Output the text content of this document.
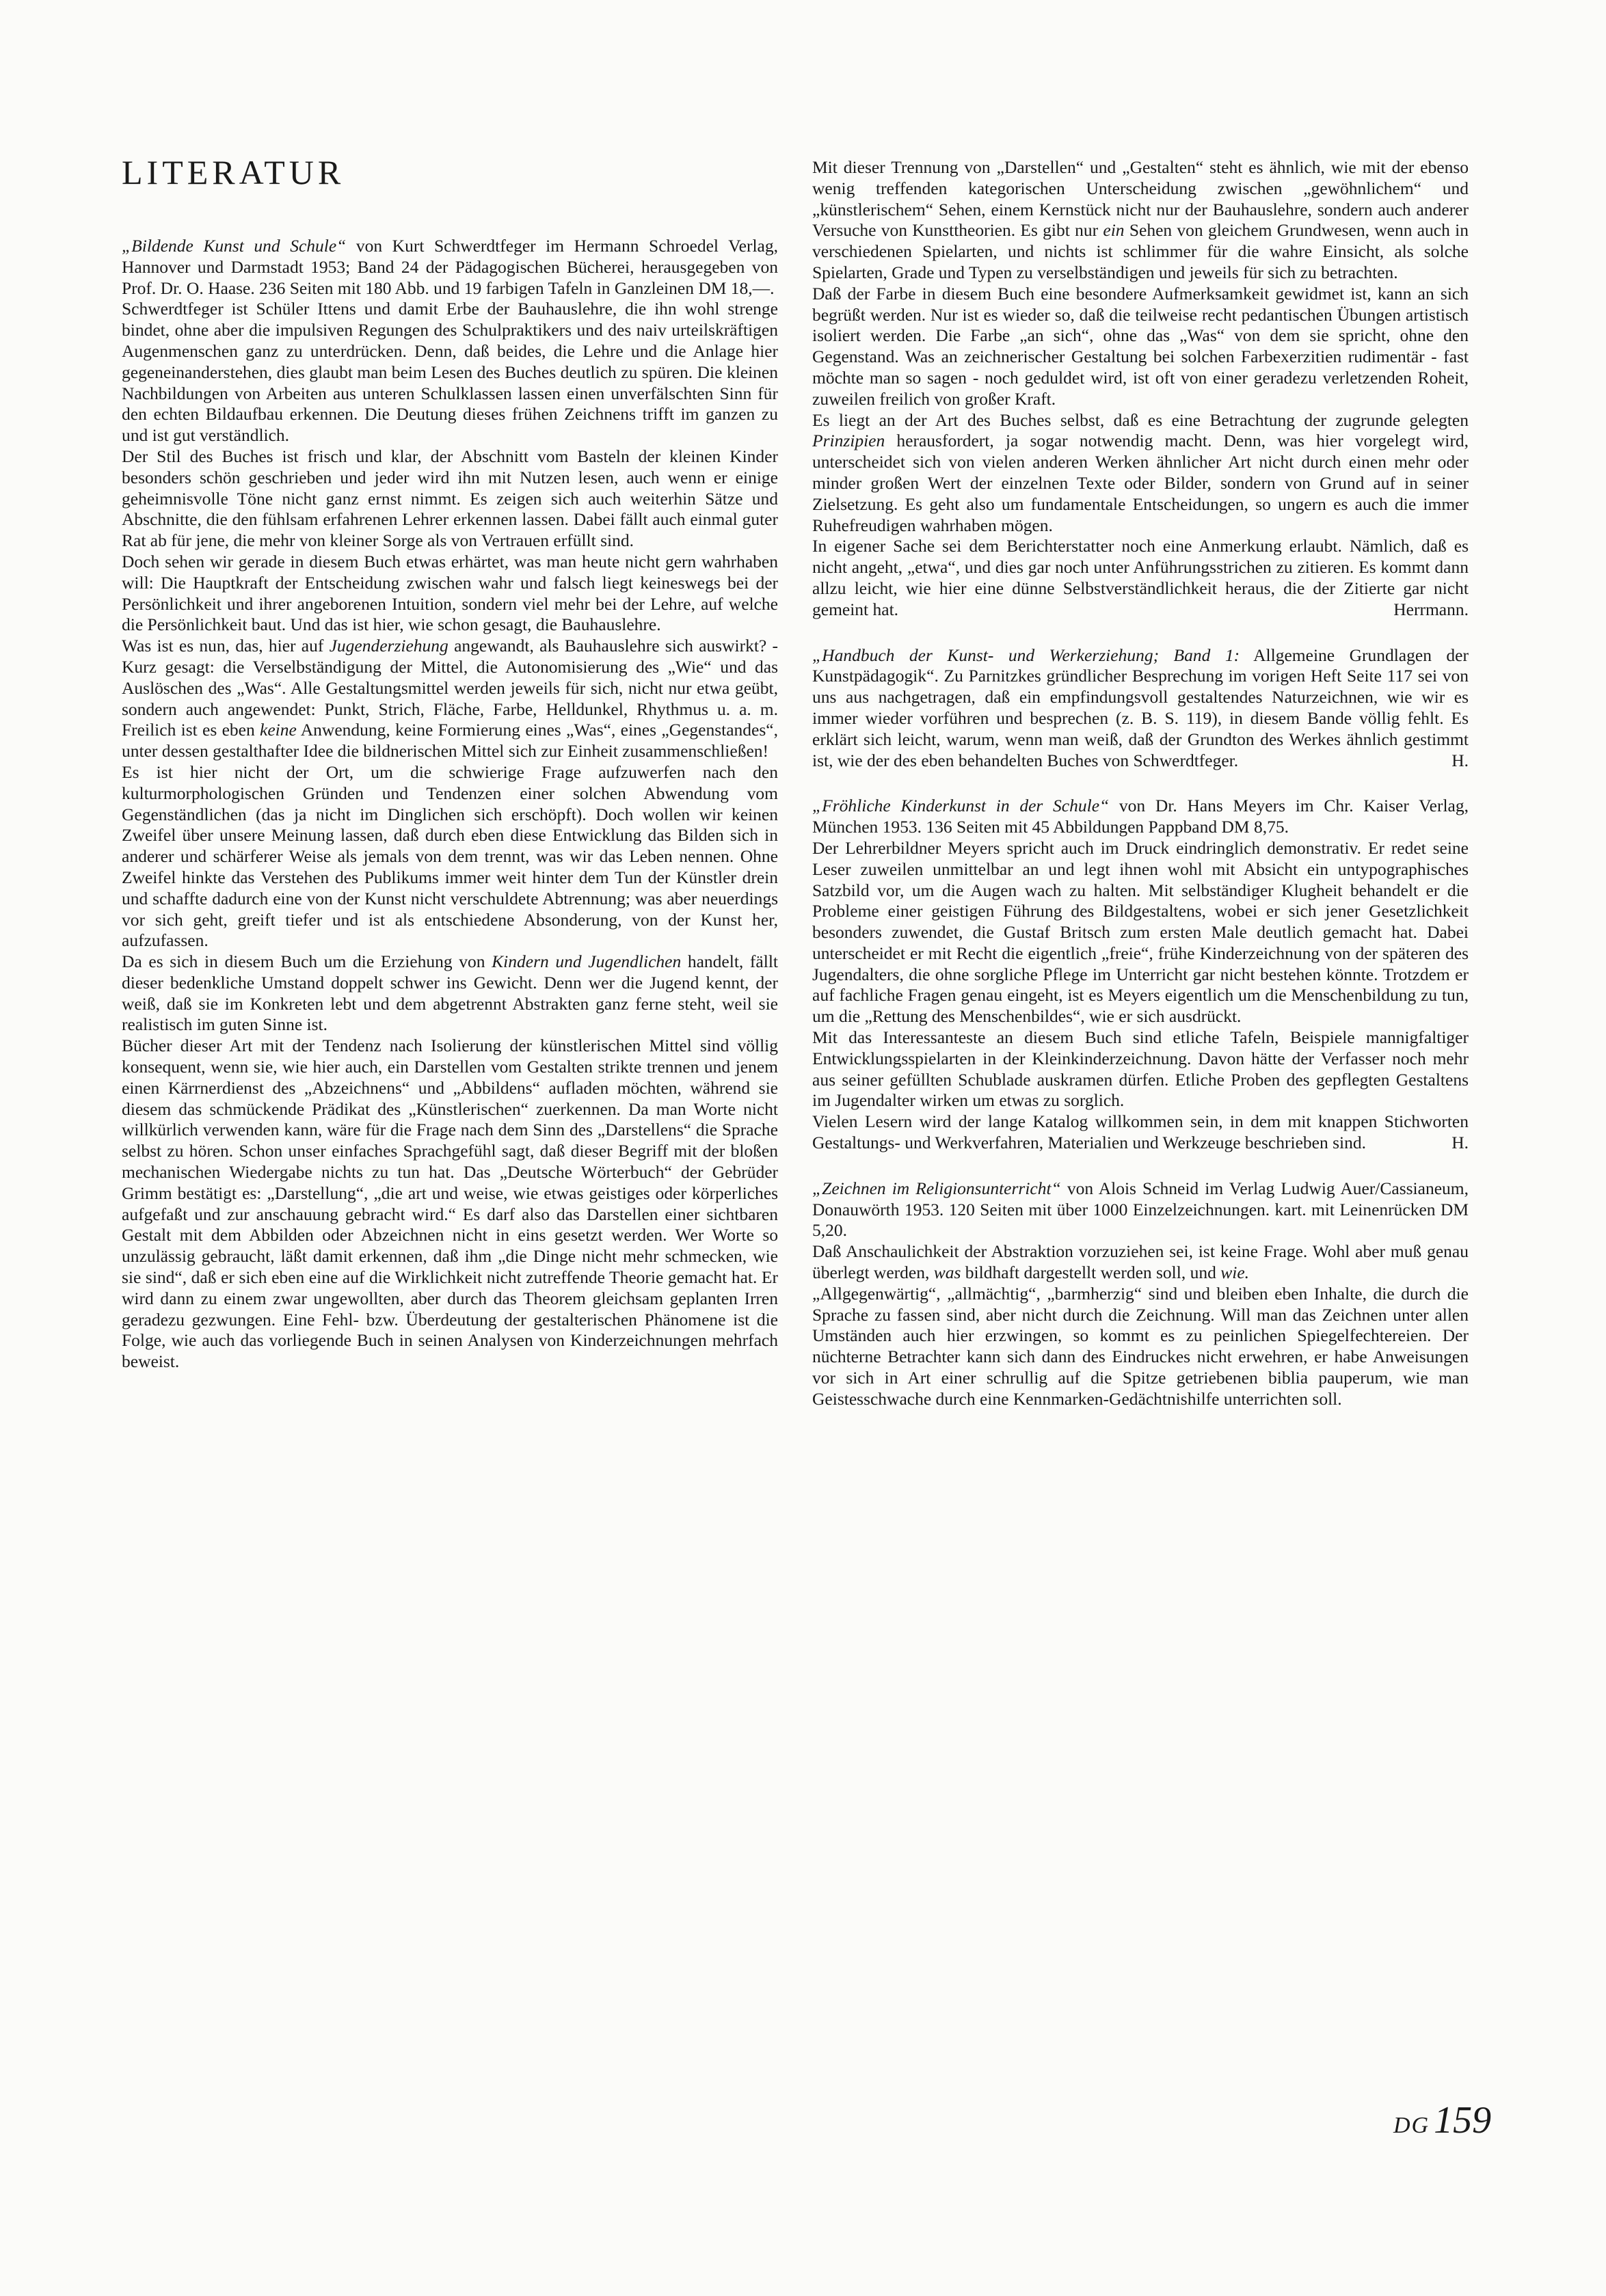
LITERATUR

„Bildende Kunst und Schule“ von Kurt Schwerdtfeger im Hermann Schroedel Verlag, Hannover und Darmstadt 1953; Band 24 der Pädagogischen Bücherei, herausgegeben von Prof. Dr. O. Haase. 236 Seiten mit 180 Abb. und 19 farbigen Tafeln in Ganzleinen DM 18,—.

Schwerdtfeger ist Schüler Ittens und damit Erbe der Bauhauslehre, die ihn wohl strenge bindet, ohne aber die impulsiven Regungen des Schulpraktikers und des naiv urteilskräftigen Augenmenschen ganz zu unterdrücken. Denn, daß beides, die Lehre und die Anlage hier gegeneinanderstehen, dies glaubt man beim Lesen des Buches deutlich zu spüren. Die kleinen Nachbildungen von Arbeiten aus unteren Schulklassen lassen einen unverfälschten Sinn für den echten Bildaufbau erkennen. Die Deutung dieses frühen Zeichnens trifft im ganzen zu und ist gut verständlich.

Der Stil des Buches ist frisch und klar, der Abschnitt vom Basteln der kleinen Kinder besonders schön geschrieben und jeder wird ihn mit Nutzen lesen, auch wenn er einige geheimnisvolle Töne nicht ganz ernst nimmt. Es zeigen sich auch weiterhin Sätze und Abschnitte, die den fühlsam erfahrenen Lehrer erkennen lassen. Dabei fällt auch einmal guter Rat ab für jene, die mehr von kleiner Sorge als von Vertrauen erfüllt sind.

Doch sehen wir gerade in diesem Buch etwas erhärtet, was man heute nicht gern wahrhaben will: Die Hauptkraft der Entscheidung zwischen wahr und falsch liegt keineswegs bei der Persönlichkeit und ihrer angeborenen Intuition, sondern viel mehr bei der Lehre, auf welche die Persönlichkeit baut. Und das ist hier, wie schon gesagt, die Bauhauslehre.

Was ist es nun, das, hier auf Jugenderziehung angewandt, als Bauhauslehre sich auswirkt? - Kurz gesagt: die Verselbständigung der Mittel, die Autonomisierung des „Wie“ und das Auslöschen des „Was“. Alle Gestaltungsmittel werden jeweils für sich, nicht nur etwa geübt, sondern auch angewendet: Punkt, Strich, Fläche, Farbe, Helldunkel, Rhythmus u. a. m. Freilich ist es eben keine Anwendung, keine Formierung eines „Was“, eines „Gegenstandes“, unter dessen gestalthafter Idee die bildnerischen Mittel sich zur Einheit zusammenschließen!

Es ist hier nicht der Ort, um die schwierige Frage aufzuwerfen nach den kulturmorphologischen Gründen und Tendenzen einer solchen Abwendung vom Gegenständlichen (das ja nicht im Dinglichen sich erschöpft). Doch wollen wir keinen Zweifel über unsere Meinung lassen, daß durch eben diese Entwicklung das Bilden sich in anderer und schärferer Weise als jemals von dem trennt, was wir das Leben nennen. Ohne Zweifel hinkte das Verstehen des Publikums immer weit hinter dem Tun der Künstler drein und schaffte dadurch eine von der Kunst nicht verschuldete Abtrennung; was aber neuerdings vor sich geht, greift tiefer und ist als entschiedene Absonderung, von der Kunst her, aufzufassen.

Da es sich in diesem Buch um die Erziehung von Kindern und Jugendlichen handelt, fällt dieser bedenkliche Umstand doppelt schwer ins Gewicht. Denn wer die Jugend kennt, der weiß, daß sie im Konkreten lebt und dem abgetrennt Abstrakten ganz ferne steht, weil sie realistisch im guten Sinne ist.

Bücher dieser Art mit der Tendenz nach Isolierung der künstlerischen Mittel sind völlig konsequent, wenn sie, wie hier auch, ein Darstellen vom Gestalten strikte trennen und jenem einen Kärrnerdienst des „Abzeichnens“ und „Abbildens“ aufladen möchten, während sie diesem das schmückende Prädikat des „Künstlerischen“ zuerkennen. Da man Worte nicht willkürlich verwenden kann, wäre für die Frage nach dem Sinn des „Darstellens“ die Sprache selbst zu hören. Schon unser einfaches Sprachgefühl sagt, daß dieser Begriff mit der bloßen mechanischen Wiedergabe nichts zu tun hat. Das „Deutsche Wörterbuch“ der Gebrüder Grimm bestätigt es: „Darstellung“, „die art und weise, wie etwas geistiges oder körperliches aufgefaßt und zur anschauung gebracht wird.“ Es darf also das Darstellen einer sichtbaren Gestalt mit dem Abbilden oder Abzeichnen nicht in eins gesetzt werden. Wer Worte so unzulässig gebraucht, läßt damit erkennen, daß ihm „die Dinge nicht mehr schmecken, wie sie sind“, daß er sich eben eine auf die Wirklichkeit nicht zutreffende Theorie gemacht hat. Er wird dann zu einem zwar ungewollten, aber durch das Theorem gleichsam geplanten Irren geradezu gezwungen. Eine Fehl- bzw. Überdeutung der gestalterischen Phänomene ist die Folge, wie auch das vorliegende Buch in seinen Analysen von Kinderzeichnungen mehrfach beweist.

Mit dieser Trennung von „Darstellen“ und „Gestalten“ steht es ähnlich, wie mit der ebenso wenig treffenden kategorischen Unterscheidung zwischen „gewöhnlichem“ und „künstlerischem“ Sehen, einem Kernstück nicht nur der Bauhauslehre, sondern auch anderer Versuche von Kunsttheorien. Es gibt nur ein Sehen von gleichem Grundwesen, wenn auch in verschiedenen Spielarten, und nichts ist schlimmer für die wahre Einsicht, als solche Spielarten, Grade und Typen zu verselbständigen und jeweils für sich zu betrachten.

Daß der Farbe in diesem Buch eine besondere Aufmerksamkeit gewidmet ist, kann an sich begrüßt werden. Nur ist es wieder so, daß die teilweise recht pedantischen Übungen artistisch isoliert werden. Die Farbe „an sich“, ohne das „Was“ von dem sie spricht, ohne den Gegenstand. Was an zeichnerischer Gestaltung bei solchen Farbexerzitien rudimentär - fast möchte man so sagen - noch geduldet wird, ist oft von einer geradezu verletzenden Roheit, zuweilen freilich von großer Kraft.

Es liegt an der Art des Buches selbst, daß es eine Betrachtung der zugrunde gelegten Prinzipien herausfordert, ja sogar notwendig macht. Denn, was hier vorgelegt wird, unterscheidet sich von vielen anderen Werken ähnlicher Art nicht durch einen mehr oder minder großen Wert der einzelnen Texte oder Bilder, sondern von Grund auf in seiner Zielsetzung. Es geht also um fundamentale Entscheidungen, so ungern es auch die immer Ruhefreudigen wahrhaben mögen.

In eigener Sache sei dem Berichterstatter noch eine Anmerkung erlaubt. Nämlich, daß es nicht angeht, „etwa“, und dies gar noch unter Anführungsstrichen zu zitieren. Es kommt dann allzu leicht, wie hier eine dünne Selbstverständlichkeit heraus, die der Zitierte gar nicht gemeint hat.	Herrmann.

„Handbuch der Kunst- und Werkerziehung; Band 1: Allgemeine Grundlagen der Kunstpädagogik“. Zu Parnitzkes gründlicher Besprechung im vorigen Heft Seite 117 sei von uns aus nachgetragen, daß ein empfindungsvoll gestaltendes Naturzeichnen, wie wir es immer wieder vorführen und besprechen (z. B. S. 119), in diesem Bande völlig fehlt. Es erklärt sich leicht, warum, wenn man weiß, daß der Grundton des Werkes ähnlich gestimmt ist, wie der des eben behandelten Buches von Schwerdtfeger.	H.

„Fröhliche Kinderkunst in der Schule“ von Dr. Hans Meyers im Chr. Kaiser Verlag, München 1953. 136 Seiten mit 45 Abbildungen Pappband DM 8,75.

Der Lehrerbildner Meyers spricht auch im Druck eindringlich demonstrativ. Er redet seine Leser zuweilen unmittelbar an und legt ihnen wohl mit Absicht ein untypographisches Satzbild vor, um die Augen wach zu halten. Mit selbständiger Klugheit behandelt er die Probleme einer geistigen Führung des Bildgestaltens, wobei er sich jener Gesetzlichkeit besonders zuwendet, die Gustaf Britsch zum ersten Male deutlich gemacht hat. Dabei unterscheidet er mit Recht die eigentlich „freie“, frühe Kinderzeichnung von der späteren des Jugendalters, die ohne sorgliche Pflege im Unterricht gar nicht bestehen könnte. Trotzdem er auf fachliche Fragen genau eingeht, ist es Meyers eigentlich um die Menschenbildung zu tun, um die „Rettung des Menschenbildes“, wie er sich ausdrückt.

Mit das Interessanteste an diesem Buch sind etliche Tafeln, Beispiele mannigfaltiger Entwicklungsspielarten in der Kleinkinderzeichnung. Davon hätte der Verfasser noch mehr aus seiner gefüllten Schublade auskramen dürfen. Etliche Proben des gepflegten Gestaltens im Jugendalter wirken um etwas zu sorglich.

Vielen Lesern wird der lange Katalog willkommen sein, in dem mit knappen Stichworten Gestaltungs- und Werkverfahren, Materialien und Werkzeuge beschrieben sind.	H.

„Zeichnen im Religionsunterricht“ von Alois Schneid im Verlag Ludwig Auer/Cassianeum, Donauwörth 1953. 120 Seiten mit über 1000 Einzelzeichnungen. kart. mit Leinenrücken DM 5,20.

Daß Anschaulichkeit der Abstraktion vorzuziehen sei, ist keine Frage. Wohl aber muß genau überlegt werden, was bildhaft dargestellt werden soll, und wie.

„Allgegenwärtig“, „allmächtig“, „barmherzig“ sind und bleiben eben Inhalte, die durch die Sprache zu fassen sind, aber nicht durch die Zeichnung. Will man das Zeichnen unter allen Umständen auch hier erzwingen, so kommt es zu peinlichen Spiegelfechtereien. Der nüchterne Betrachter kann sich dann des Eindruckes nicht erwehren, er habe Anweisungen vor sich in Art einer schrullig auf die Spitze getriebenen biblia pauperum, wie man Geistesschwache durch eine Kennmarken-Gedächtnishilfe unterrichten soll.

DG 159
